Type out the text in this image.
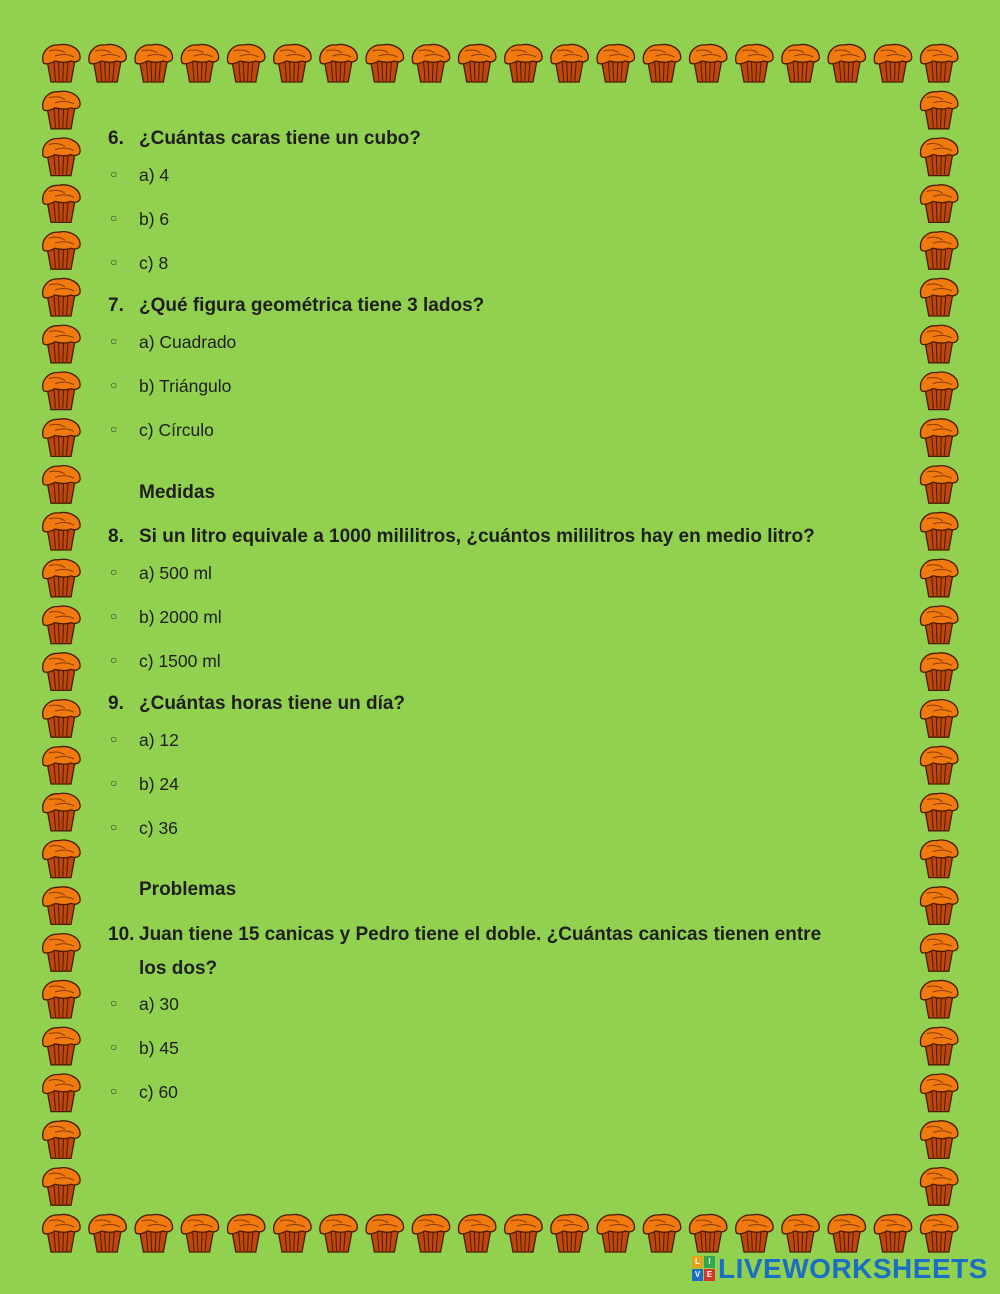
6. ¿Cuántas caras tiene un cubo?
○ a) 4
○ b) 6
○ c) 8
7. ¿Qué figura geométrica tiene 3 lados?
○ a) Cuadrado
○ b) Triángulo
○ c) Círculo
Medidas
8. Si un litro equivale a 1000 mililitros, ¿cuántos mililitros hay en medio litro?
○ a) 500 ml
○ b) 2000 ml
○ c) 1500 ml
9. ¿Cuántas horas tiene un día?
○ a) 12
○ b) 24
○ c) 36
Problemas
10. Juan tiene 15 canicas y Pedro tiene el doble. ¿Cuántas canicas tienen entre los dos?
○ a) 30
○ b) 45
○ c) 60
L	I
V E LIVEWORKSHEETS
